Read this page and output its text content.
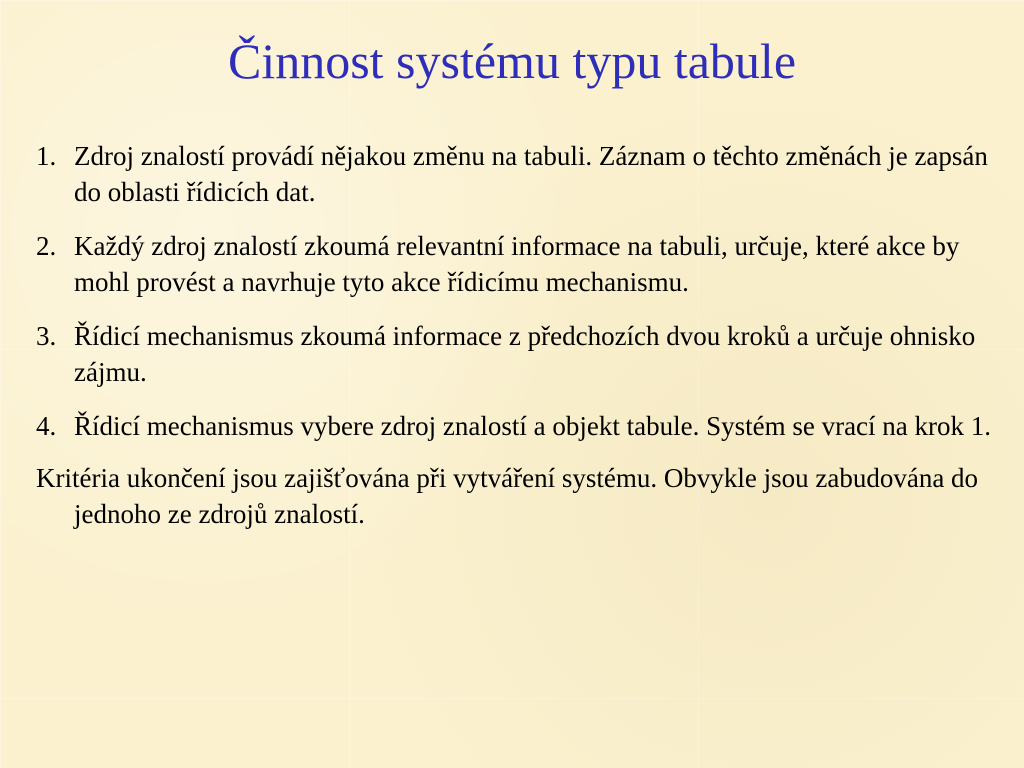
Činnost systému typu tabule
1. Zdroj znalostí provádí nějakou změnu na tabuli. Záznam o těchto změnách je zapsán do oblasti řídicích dat.
2. Každý zdroj znalostí zkoumá relevantní informace na tabuli, určuje, které akce by mohl provést a navrhuje tyto akce řídicímu mechanismu.
3. Řídicí mechanismus zkoumá informace z předchozích dvou kroků a určuje ohnisko zájmu.
4. Řídicí mechanismus vybere zdroj znalostí a objekt tabule. Systém se vrací na krok 1.
Kritéria ukončení jsou zajišťována při vytváření systému. Obvykle jsou zabudována do jednoho ze zdrojů znalostí.
